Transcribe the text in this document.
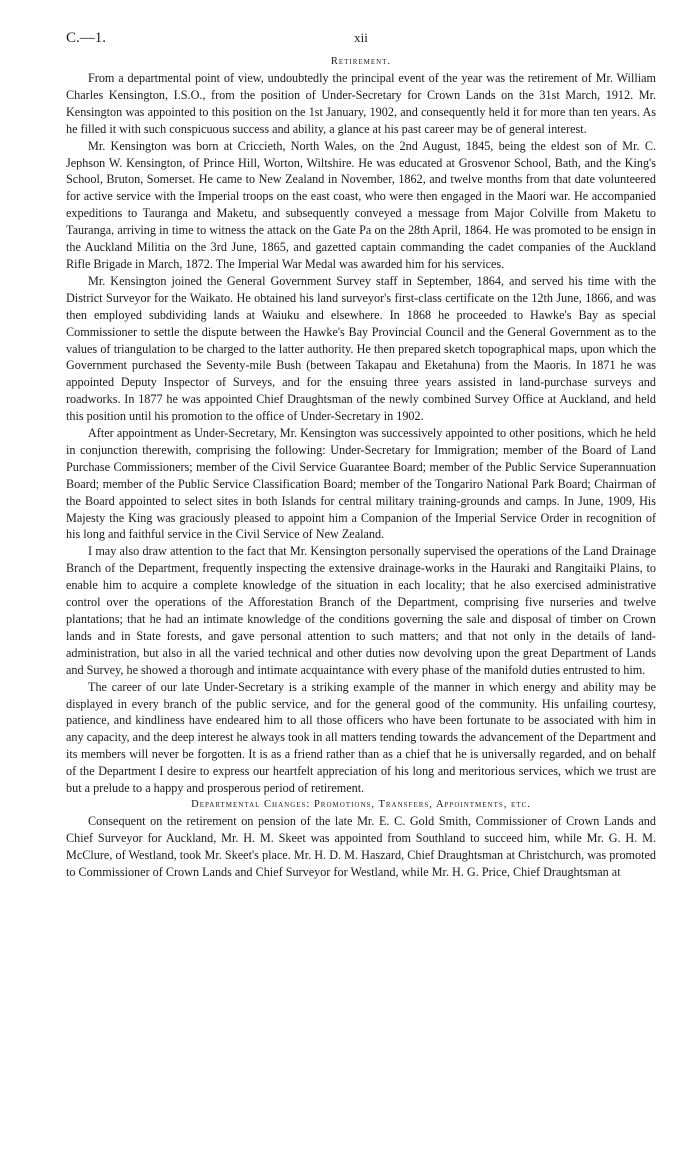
C.—1.	xii
Retirement.

From a departmental point of view, undoubtedly the principal event of the year was the retirement of Mr. William Charles Kensington, I.S.O., from the position of Under-Secretary for Crown Lands on the 31st March, 1912. Mr. Kensington was appointed to this position on the 1st January, 1902, and consequently held it for more than ten years. As he filled it with such conspicuous success and ability, a glance at his past career may be of general interest.

Mr. Kensington was born at Criccieth, North Wales, on the 2nd August, 1845, being the eldest son of Mr. C. Jephson W. Kensington, of Prince Hill, Worton, Wiltshire. He was educated at Grosvenor School, Bath, and the King's School, Bruton, Somerset. He came to New Zealand in November, 1862, and twelve months from that date volunteered for active service with the Imperial troops on the east coast, who were then engaged in the Maori war. He accompanied expeditions to Tauranga and Maketu, and subsequently conveyed a message from Major Colville from Maketu to Tauranga, arriving in time to witness the attack on the Gate Pa on the 28th April, 1864. He was promoted to be ensign in the Auckland Militia on the 3rd June, 1865, and gazetted captain commanding the cadet companies of the Auckland Rifle Brigade in March, 1872. The Imperial War Medal was awarded him for his services.

Mr. Kensington joined the General Government Survey staff in September, 1864, and served his time with the District Surveyor for the Waikato. He obtained his land surveyor's first-class certificate on the 12th June, 1866, and was then employed subdividing lands at Waiuku and elsewhere. In 1868 he proceeded to Hawke's Bay as special Commissioner to settle the dispute between the Hawke's Bay Provincial Council and the General Government as to the values of triangulation to be charged to the latter authority. He then prepared sketch topographical maps, upon which the Government purchased the Seventy-mile Bush (between Takapau and Eketahuna) from the Maoris. In 1871 he was appointed Deputy Inspector of Surveys, and for the ensuing three years assisted in land-purchase surveys and roadworks. In 1877 he was appointed Chief Draughtsman of the newly combined Survey Office at Auckland, and held this position until his promotion to the office of Under-Secretary in 1902.

After appointment as Under-Secretary, Mr. Kensington was successively appointed to other positions, which he held in conjunction therewith, comprising the following: Under-Secretary for Immigration; member of the Board of Land Purchase Commissioners; member of the Civil Service Guarantee Board; member of the Public Service Superannuation Board; member of the Public Service Classification Board; member of the Tongariro National Park Board; Chairman of the Board appointed to select sites in both Islands for central military training-grounds and camps. In June, 1909, His Majesty the King was graciously pleased to appoint him a Companion of the Imperial Service Order in recognition of his long and faithful service in the Civil Service of New Zealand.

I may also draw attention to the fact that Mr. Kensington personally supervised the operations of the Land Drainage Branch of the Department, frequently inspecting the extensive drainage-works in the Hauraki and Rangitaiki Plains, to enable him to acquire a complete knowledge of the situation in each locality; that he also exercised administrative control over the operations of the Afforestation Branch of the Department, comprising five nurseries and twelve plantations; that he had an intimate knowledge of the conditions governing the sale and disposal of timber on Crown lands and in State forests, and gave personal attention to such matters; and that not only in the details of land-administration, but also in all the varied technical and other duties now devolving upon the great Department of Lands and Survey, he showed a thorough and intimate acquaintance with every phase of the manifold duties entrusted to him.

The career of our late Under-Secretary is a striking example of the manner in which energy and ability may be displayed in every branch of the public service, and for the general good of the community. His unfailing courtesy, patience, and kindliness have endeared him to all those officers who have been fortunate to be associated with him in any capacity, and the deep interest he always took in all matters tending towards the advancement of the Department and its members will never be forgotten. It is as a friend rather than as a chief that he is universally regarded, and on behalf of the Department I desire to express our heartfelt appreciation of his long and meritorious services, which we trust are but a prelude to a happy and prosperous period of retirement.

Departmental Changes: Promotions, Transfers, Appointments, etc.

Consequent on the retirement on pension of the late Mr. E. C. Gold Smith, Commissioner of Crown Lands and Chief Surveyor for Auckland, Mr. H. M. Skeet was appointed from Southland to succeed him, while Mr. G. H. M. McClure, of Westland, took Mr. Skeet's place. Mr. H. D. M. Haszard, Chief Draughtsman at Christchurch, was promoted to Commissioner of Crown Lands and Chief Surveyor for Westland, while Mr. H. G. Price, Chief Draughtsman at
